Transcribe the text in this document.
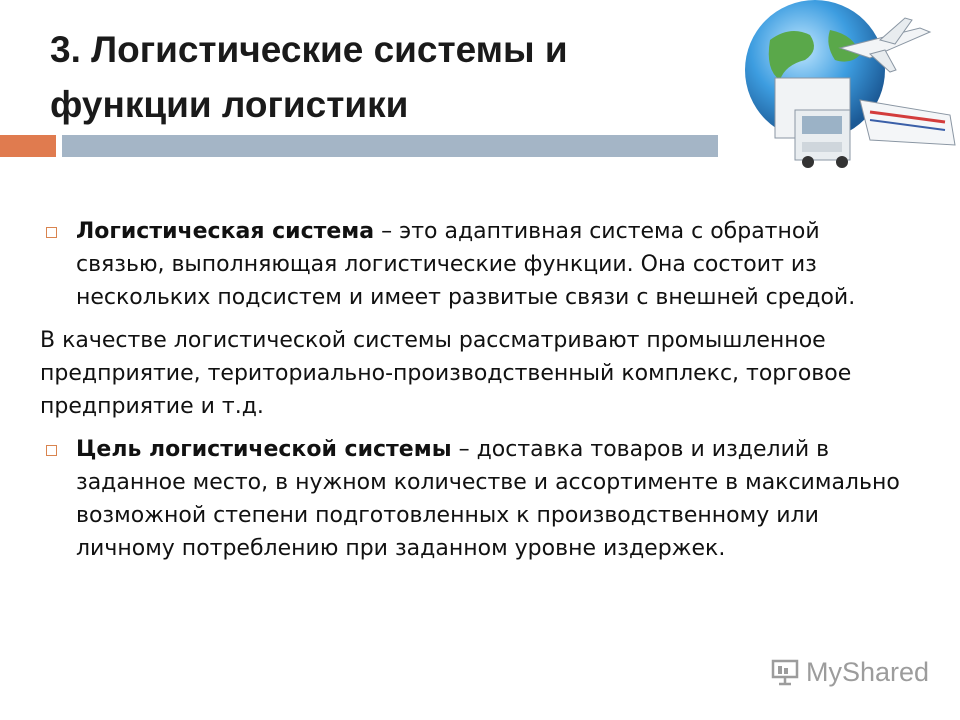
3. Логистические системы и функции логистики

Логистическая система – это адаптивная система с обратной связью, выполняющая логистические функции. Она состоит из нескольких подсистем и имеет развитые связи с внешней средой.

В качестве логистической системы рассматривают промышленное предприятие, териториально-производственный комплекс, торговое предприятие и т.д.

Цель логистической системы – доставка товаров и изделий в заданное место, в нужном количестве и ассортименте в максимально возможной степени подготовленных к производственному или личному потреблению при заданном уровне издержек.

MyShared
